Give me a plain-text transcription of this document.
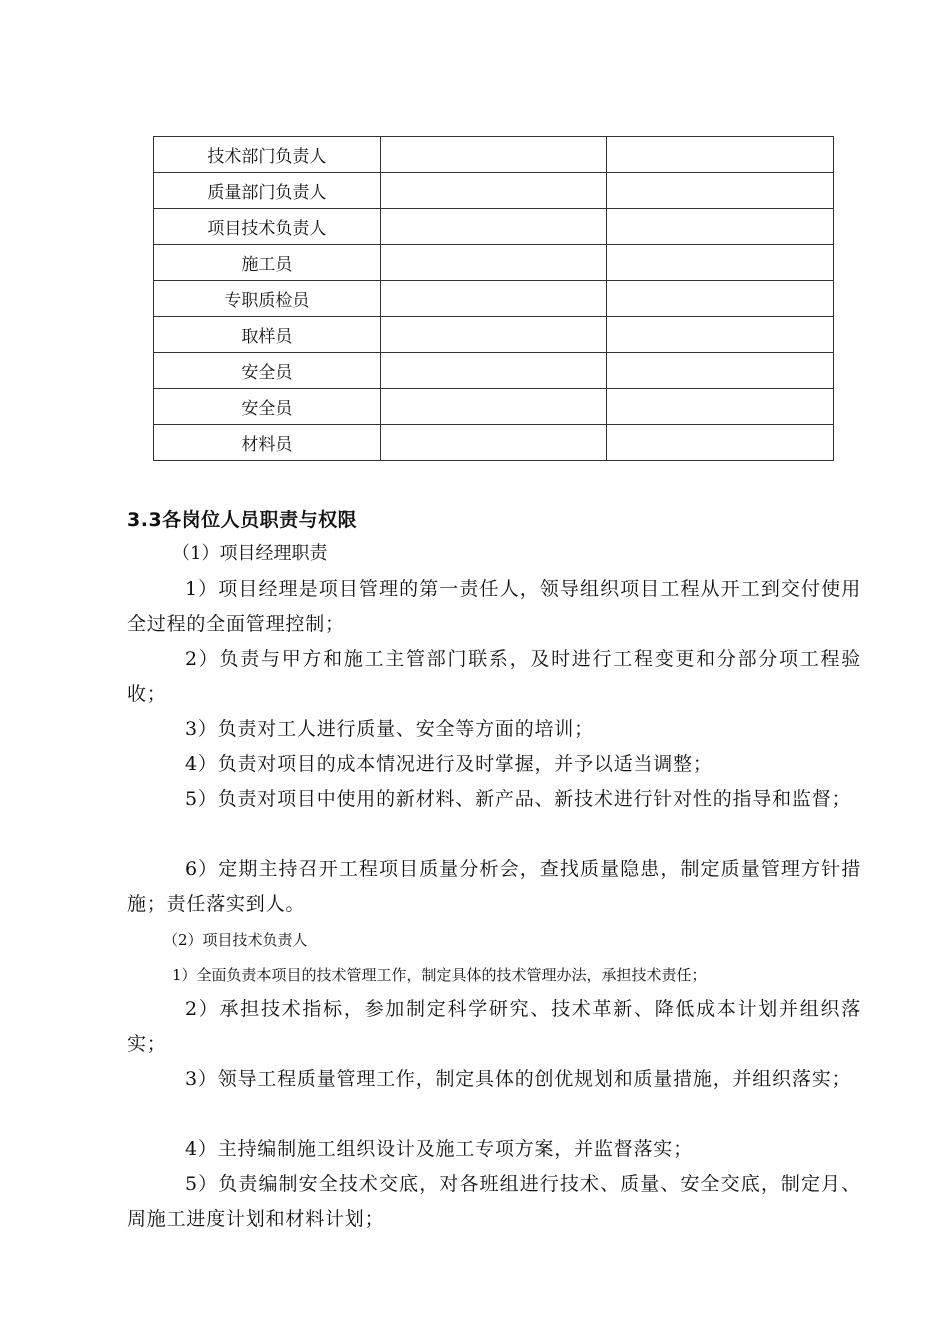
技术部门负责人		
质量部门负责人		
项目技术负责人		
施工员		
专职质检员		
取样员		
安全员		
安全员		
材料员		
3.3各岗位人员职责与权限

（1）项目经理职责

1）项目经理是项目管理的第一责任人，领导组织项目工程从开工到交付使用全过程的全面管理控制；

2）负责与甲方和施工主管部门联系，及时进行工程变更和分部分项工程验收；

3）负责对工人进行质量、安全等方面的培训；

4）负责对项目的成本情况进行及时掌握，并予以适当调整；

5）负责对项目中使用的新材料、新产品、新技术进行针对性的指导和监督；

6）定期主持召开工程项目质量分析会，查找质量隐患，制定质量管理方针措施；责任落实到人。

（2）项目技术负责人

1）全面负责本项目的技术管理工作，制定具体的技术管理办法，承担技术责任；

2）承担技术指标，参加制定科学研究、技术革新、降低成本计划并组织落实；

3）领导工程质量管理工作，制定具体的创优规划和质量措施，并组织落实；

4）主持编制施工组织设计及施工专项方案，并监督落实；

5）负责编制安全技术交底，对各班组进行技术、质量、安全交底，制定月、周施工进度计划和材料计划；
